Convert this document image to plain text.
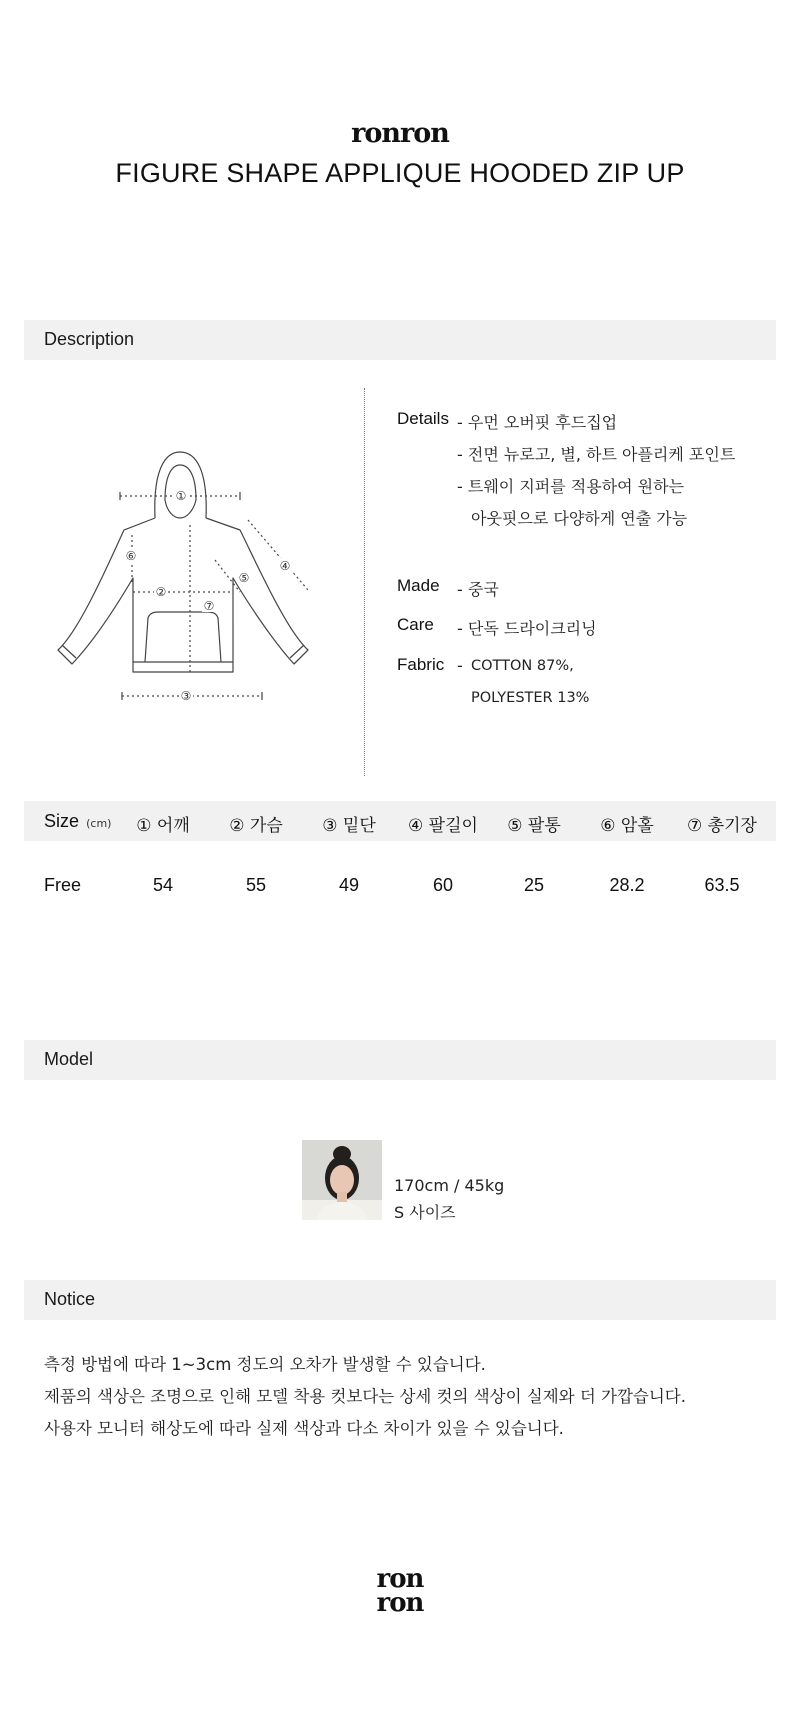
ronron
FIGURE SHAPE APPLIQUE HOODED ZIP UP
Description
①
②
③
④
⑤
⑥
⑦
Details - 우먼 오버핏 후드집업
- 전면 뉴로고, 별, 하트 아플리케 포인트
- 트웨이 지퍼를 적용하여 원하는
아웃핏으로 다양하게 연출 가능
Made - 중국
Care - 단독 드라이크리닝
Fabric - COTTON 87%,
POLYESTER 13%
Size (cm)	① 어깨	② 가슴	③ 밑단	④ 팔길이	⑤ 팔통	⑥ 암홀	⑦ 총기장
Free	54	55	49	60	25	28.2	63.5
Model
170cm / 45kg
S 사이즈
Notice
측정 방법에 따라 1~3cm 정도의 오차가 발생할 수 있습니다.
제품의 색상은 조명으로 인해 모델 착용 컷보다는 상세 컷의 색상이 실제와 더 가깝습니다.
사용자 모니터 해상도에 따라 실제 색상과 다소 차이가 있을 수 있습니다.
ron
ron
